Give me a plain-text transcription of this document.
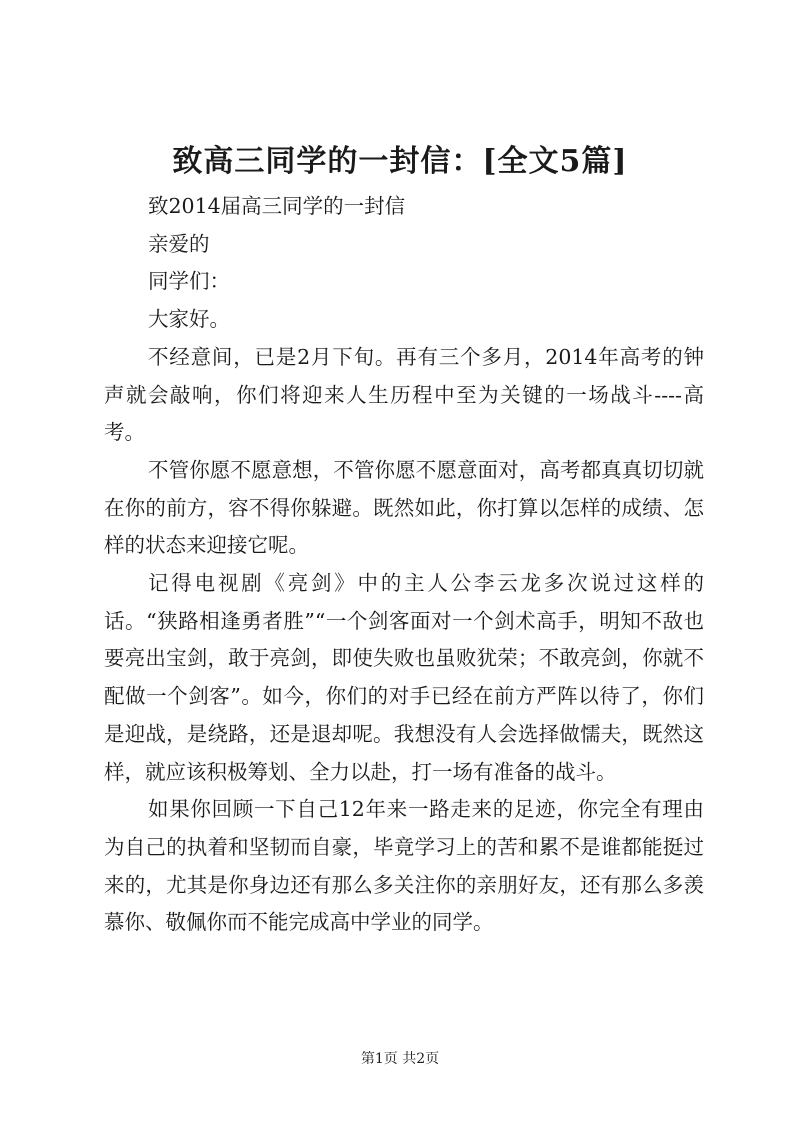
致高三同学的一封信：[全文5篇]

致2014届高三同学的一封信

亲爱的

同学们：

大家好。

不经意间，已是2月下旬。再有三个多月，2014年高考的钟声就会敲响，你们将迎来人生历程中至为关键的一场战斗----高考。

不管你愿不愿意想，不管你愿不愿意面对，高考都真真切切就在你的前方，容不得你躲避。既然如此，你打算以怎样的成绩、怎样的状态来迎接它呢。

记得电视剧《亮剑》中的主人公李云龙多次说过这样的话。“狭路相逢勇者胜”“一个剑客面对一个剑术高手，明知不敌也要亮出宝剑，敢于亮剑，即使失败也虽败犹荣；不敢亮剑，你就不配做一个剑客”。如今，你们的对手已经在前方严阵以待了，你们是迎战，是绕路，还是退却呢。我想没有人会选择做懦夫，既然这样，就应该积极筹划、全力以赴，打一场有准备的战斗。

如果你回顾一下自己12年来一路走来的足迹，你完全有理由为自己的执着和坚韧而自豪，毕竟学习上的苦和累不是谁都能挺过来的，尤其是你身边还有那么多关注你的亲朋好友，还有那么多羡慕你、敬佩你而不能完成高中学业的同学。

第1页 共2页
